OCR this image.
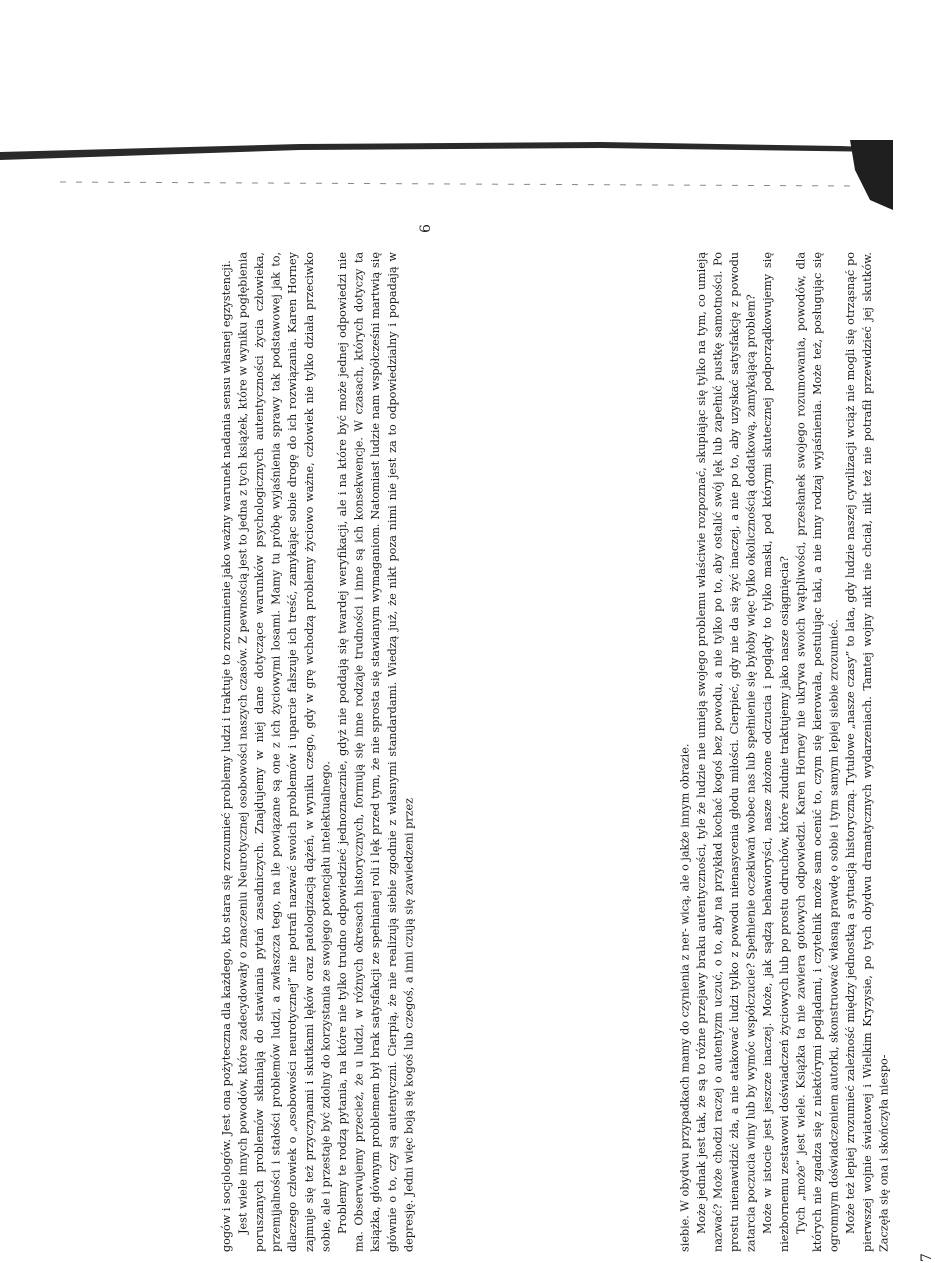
gogów i socjologów. Jest ona pożyteczna dla każdego, kto stara się zrozumieć problemy ludzi i traktuje to zrozumienie jako ważny warunek nadania sensu własnej egzystencji. Jest wiele innych powodów, które zadecydowały o znaczeniu Neurotycznej osobowości naszych czasów. Z pewnością jest to jedna z tych książek, które w wyniku pogłębienia poruszanych problemów skłaniają do stawiania pytań zasadniczych. Znajdujemy w niej dane dotyczące warunków psychologicznych autentyczności życia człowieka, przemijalności i stałości problemów ludzi, a zwłaszcza tego, na ile powiązane są one z ich życiowymi losami. Mamy tu próbę wyjaśnienia sprawy tak podstawowej jak to, dlaczego człowiek o „osobowości neurotycznej” nie potrafi nazwać swoich problemów i uparcie fałszuje ich treść, zamykając sobie drogę do ich rozwiązania. Karen Horney zajmuje się też przyczynami i skutkami lęków oraz patologizacją dążeń, w wyniku czego, gdy w grę wchodzą problemy życiowo ważne, człowiek nie tylko działa przeciwko sobie, ale i przestaje być zdolny do korzystania ze swojego potencjału intelektualnego. Problemy te rodzą pytania, na które nie tylko trudno odpowiedzieć jednoznacznie, gdyż nie poddają się twardej weryfikacji, ale i na które być może jednej odpowiedzi nie ma. Obserwujemy przecież, że u ludzi, w różnych okresach historycznych, formują się inne rodzaje trudności i inne są ich konsekwencje. W czasach, których dotyczy ta książka, głównym problemem był brak satysfakcji ze spełnianej roli i lęk przed tym, że nie sprosta się stawianym wymaganiom. Natomiast ludzie nam współcześni martwią się głównie o to, czy są autentyczni. Cierpią, że nie realizują siebie zgodnie z własnymi standardami. Wiedzą już, że nikt poza nimi nie jest za to odpowiedzialny i popadają w depresję. Jedni więc boją się kogoś lub czegoś, a inni czują się zawiedzeni przez	siebie. W obydwu przypadkach mamy do czynienia z ner- wicą, ale o jakże innym obrazie. Może jednak jest tak, że są to różne przejawy braku autentyczności, tyle że ludzie nie umieją swojego problemu właściwie rozpoznać, skupiając się tylko na tym, co umieją nazwać? Może chodzi raczej o autentyzm uczuć, o to, aby na przykład kochać kogoś bez powodu, a nie tylko po to, aby ostalić swój lęk lub zapełnić pustkę samotności. Po prostu nienawidzić zła, a nie atakować ludzi tylko z powodu nienasycenia głodu miłości. Cierpieć, gdy nie da się żyć inaczej, a nie po to, aby uzyskać satysfakcję z powodu zatarcia poczucia winy lub by wymóc współczucie? Spełnienie oczekiwań wobec nas lub spełnienie się byłoby więc tylko okolicznością dodatkową, zamykającą problem? Może w istocie jest jeszcze inaczej. Może, jak sądzą behawioryści, nasze złożone odczucia i poglądy to tylko maski, pod którymi skutecznej podporządkowujemy się niezbornemu zestawowi doświadczeń życiowych lub po prostu odruchów, które złudnie traktujemy jako nasze osiągnięcia? Tych „może” jest wiele. Książka ta nie zawiera gotowych odpowiedzi. Karen Horney nie ukrywa swoich wątpliwości, przesłanek swojego rozumowania, powodów, dla których nie zgadza się z niektórymi poglądami, i czytelnik może sam ocenić to, czym się kierowała, postulując taki, a nie inny rodzaj wyjaśnienia. Może też, posługując się ogromnym doświadczeniem autorki, skonstruować własną prawdę o sobie i tym samym lepiej siebie zrozumieć. Może też lepiej zrozumieć zależność między jednostką a sytuacją historyczną. Tytułowe „nasze czasy” to lata, gdy ludzie naszej cywilizacji wciąż nie mogli się otrząsnąć po pierwszej wojnie światowej i Wielkim Kryzysie, po tych obydwu dramatycznych wydarzeniach. Tamtej wojny nikt nie chciał, nikt też nie potrafił przewidzieć jej skutków. Zaczęła się ona i skończyła niespo-

6
7
